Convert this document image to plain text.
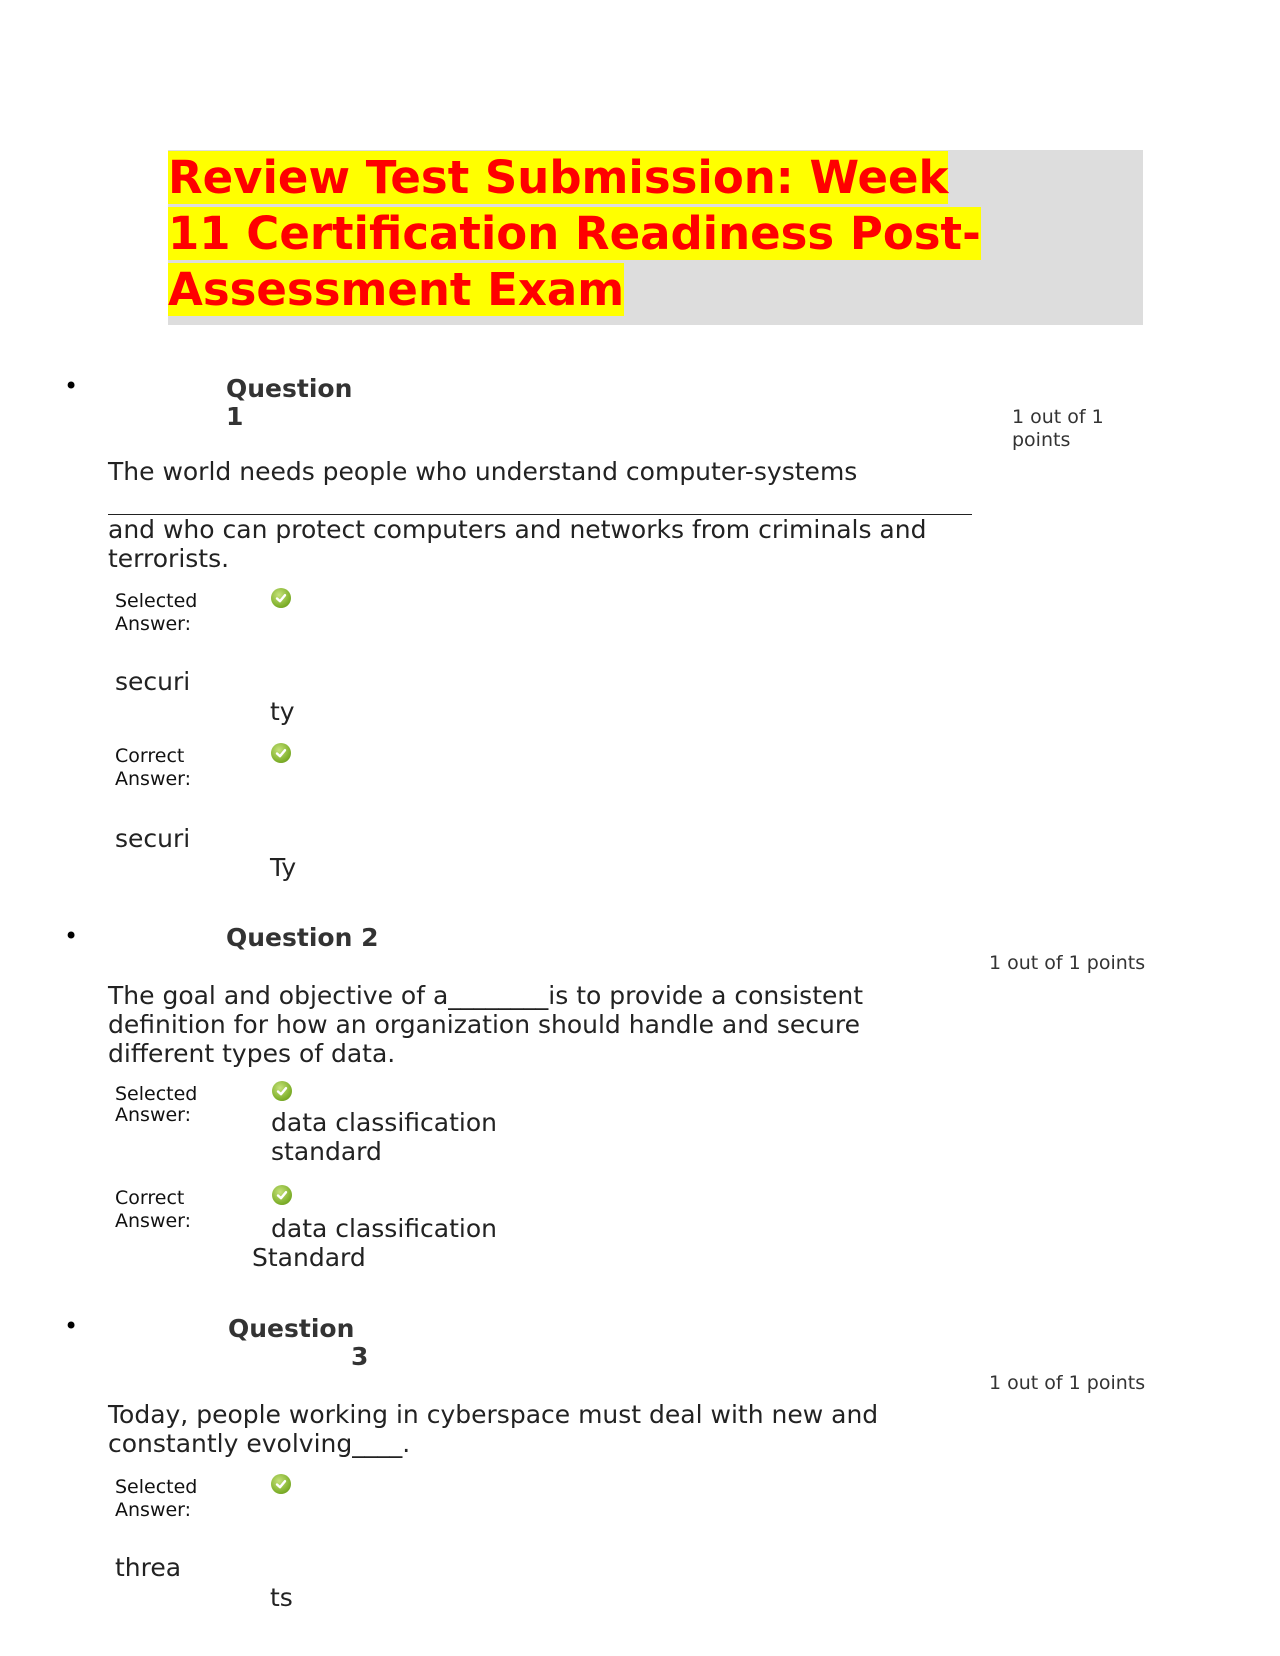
Review Test Submission: Week
11 Certification Readiness Post-
Assessment Exam
•	Question
1	1 out of 1
points
The world needs people who understand computer-systems
and who can protect computers and networks from criminals and
terrorists.
Selected
Answer:
securi
ty
Correct
Answer:
securi
Ty
•	Question 2
1 out of 1 points
The goal and objective of a________is to provide a consistent
definition for how an organization should handle and secure
different types of data.
Selected
Answer:	data classification
standard
Correct
Answer:	data classification
Standard
•	Question
3
1 out of 1 points
Today, people working in cyberspace must deal with new and
constantly evolving____.
Selected
Answer:
threa
ts
